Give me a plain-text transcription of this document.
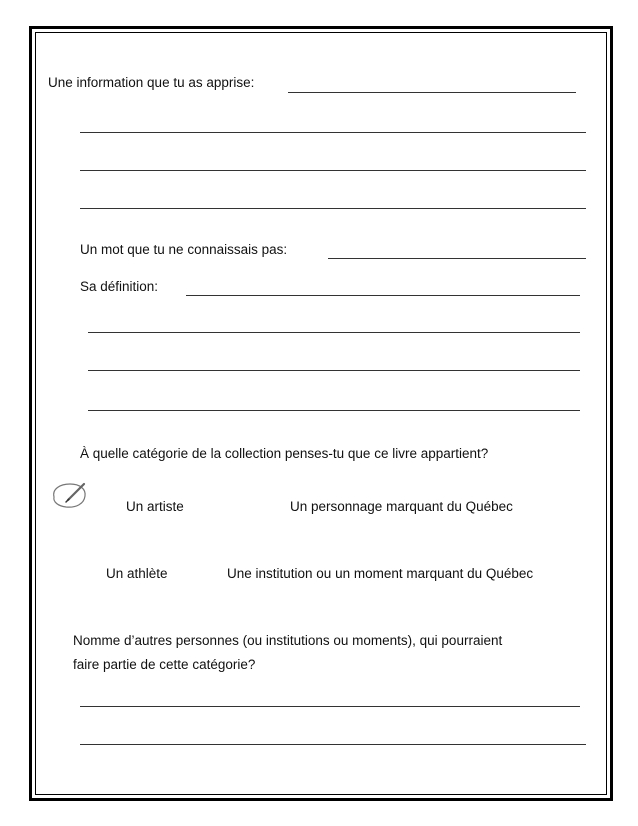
Une information que tu as apprise:
Un mot que tu ne connaissais pas:
Sa définition:
À quelle catégorie de la collection penses-tu que ce livre appartient?
Un artiste	Un personnage marquant du Québec
Un athlète	Une institution ou un moment marquant du Québec
Nomme d’autres personnes (ou institutions ou moments), qui pourraient
faire partie de cette catégorie?
